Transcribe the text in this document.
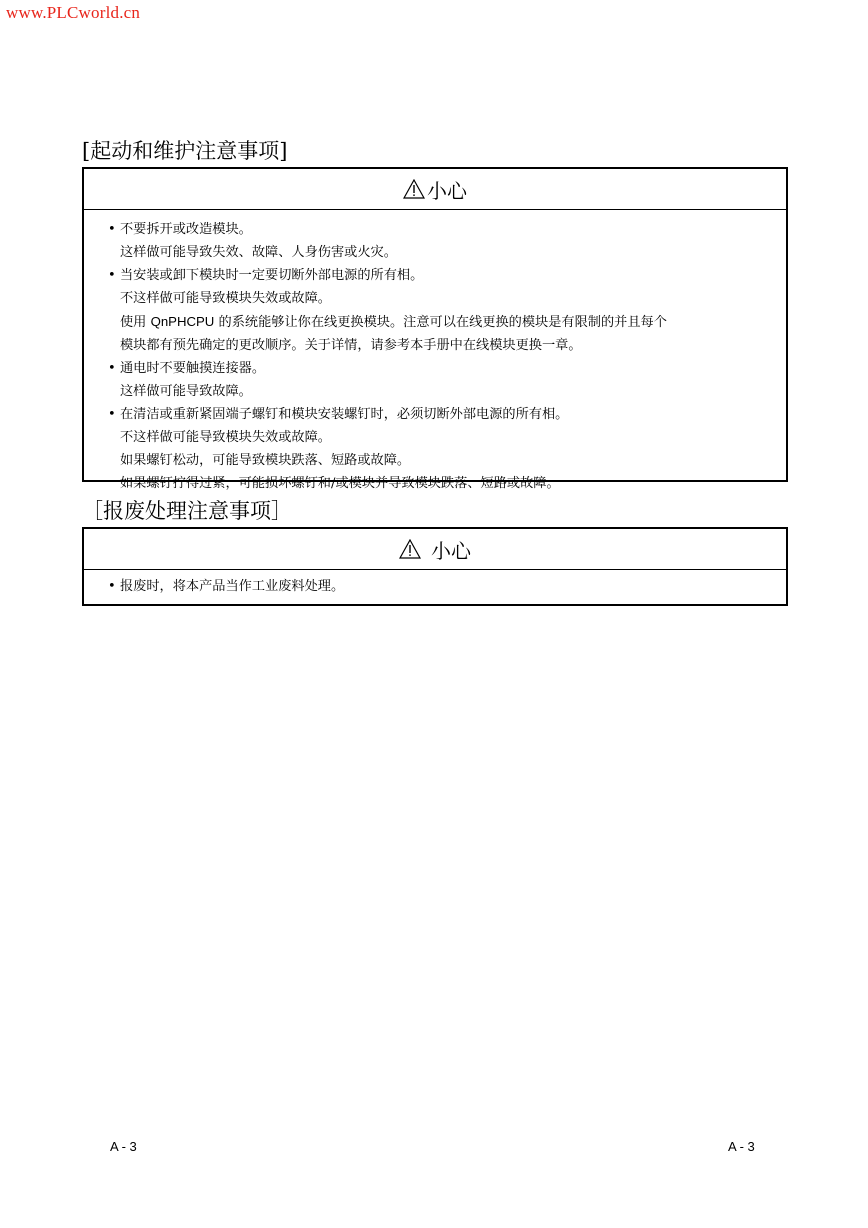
www.PLCworld.cn
[起动和维护注意事项]
小心
• 不要拆开或改造模块。
这样做可能导致失效、故障、人身伤害或火灾。
• 当安装或卸下模块时一定要切断外部电源的所有相。
不这样做可能导致模块失效或故障。
使用 QnPHCPU 的系统能够让你在线更换模块。注意可以在线更换的模块是有限制的并且每个
模块都有预先确定的更改顺序。关于详情，请参考本手册中在线模块更换一章。
• 通电时不要触摸连接器。
这样做可能导致故障。
• 在清洁或重新紧固端子螺钉和模块安装螺钉时，必须切断外部电源的所有相。
不这样做可能导致模块失效或故障。
如果螺钉松动，可能导致模块跌落、短路或故障。
如果螺钉拧得过紧，可能损坏螺钉和/或模块并导致模块跌落、短路或故障。
［报废处理注意事项］
小心
• 报废时，将本产品当作工业废料处理。
A - 3	A - 3
